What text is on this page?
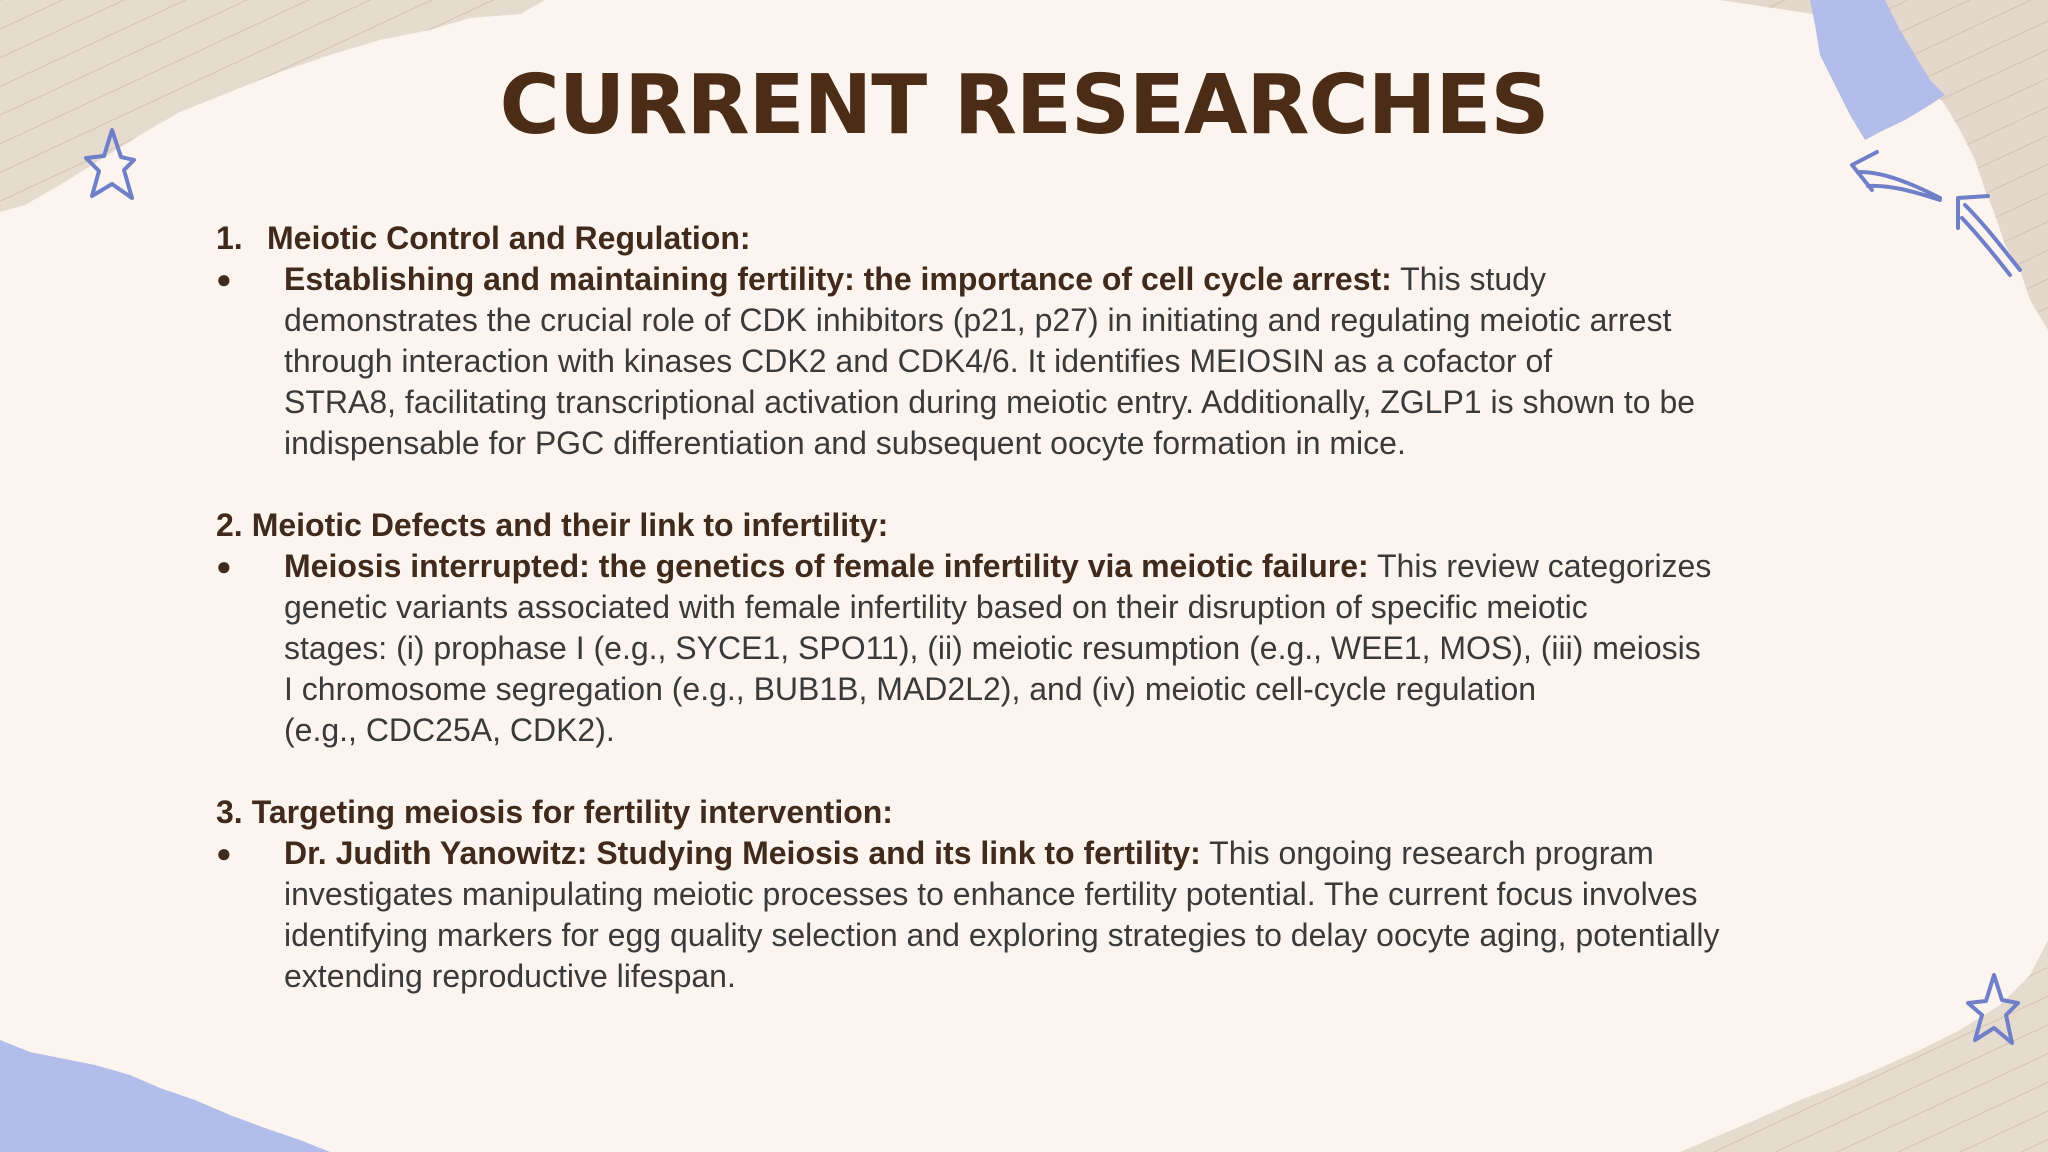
CURRENT RESEARCHES

1. Meiotic Control and Regulation:

● Establishing and maintaining fertility: the importance of cell cycle arrest: This study
demonstrates the crucial role of CDK inhibitors (p21, p27) in initiating and regulating meiotic arrest
through interaction with kinases CDK2 and CDK4/6. It identifies MEIOSIN as a cofactor of
STRA8, facilitating transcriptional activation during meiotic entry. Additionally, ZGLP1 is shown to be
indispensable for PGC differentiation and subsequent oocyte formation in mice.

2. Meiotic Defects and their link to infertility:

● Meiosis interrupted: the genetics of female infertility via meiotic failure: This review categorizes
genetic variants associated with female infertility based on their disruption of specific meiotic
stages: (i) prophase I (e.g., SYCE1, SPO11), (ii) meiotic resumption (e.g., WEE1, MOS), (iii) meiosis
I chromosome segregation (e.g., BUB1B, MAD2L2), and (iv) meiotic cell-cycle regulation
(e.g., CDC25A, CDK2).

3. Targeting meiosis for fertility intervention:

● Dr. Judith Yanowitz: Studying Meiosis and its link to fertility: This ongoing research program
investigates manipulating meiotic processes to enhance fertility potential. The current focus involves
identifying markers for egg quality selection and exploring strategies to delay oocyte aging, potentially
extending reproductive lifespan.
